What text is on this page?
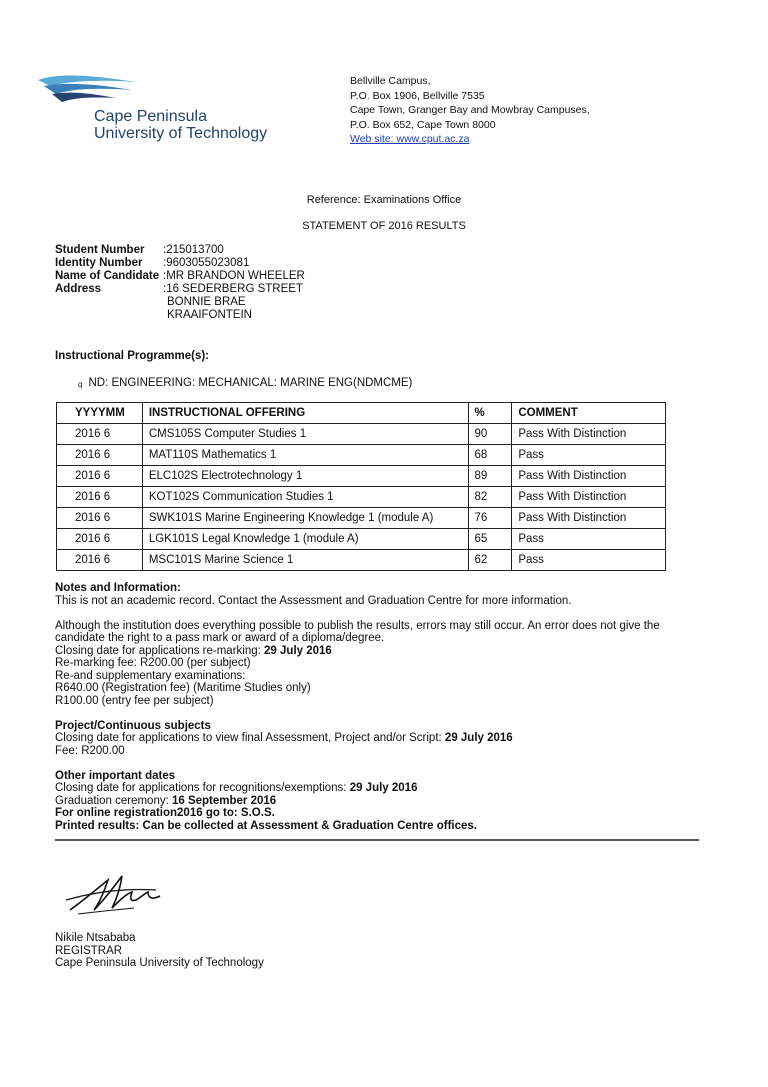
Cape Peninsula
University of Technology
Bellville Campus,
P.O. Box 1906, Bellville 7535
Cape Town, Granger Bay and Mowbray Campuses,
P.O. Box 652, Cape Town 8000
Web site: www.cput.ac.za
Reference: Examinations Office
STATEMENT OF 2016 RESULTS
Student Number	:215013700
Identity Number	:9603055023081
Name of Candidate :MR BRANDON WHEELER
Address	:16 SEDERBERG STREET
BONNIE BRAE
KRAAIFONTEIN
Instructional Programme(s):
q ND: ENGINEERING: MECHANICAL: MARINE ENG(NDMCME)
YYYYMM	INSTRUCTIONAL OFFERING	%	COMMENT
2016 6	CMS105S Computer Studies 1	90	Pass With Distinction
2016 6	MAT110S Mathematics 1	68	Pass
2016 6	ELC102S Electrotechnology 1	89	Pass With Distinction
2016 6	KOT102S Communication Studies 1	82	Pass With Distinction
2016 6	SWK101S Marine Engineering Knowledge 1 (module A)	76	Pass With Distinction
2016 6	LGK101S Legal Knowledge 1 (module A)	65	Pass
2016 6	MSC101S Marine Science 1	62	Pass
Notes and Information:
This is not an academic record. Contact the Assessment and Graduation Centre for more information.
Although the institution does everything possible to publish the results, errors may still occur. An error does not give the
candidate the right to a pass mark or award of a diploma/degree.
Closing date for applications re-marking: 29 July 2016
Re-marking fee: R200.00 (per subject)
Re-and supplementary examinations:
R640.00 (Registration fee) (Maritime Studies only)
R100.00 (entry fee per subject)
Project/Continuous subjects
Closing date for applications to view final Assessment, Project and/or Script: 29 July 2016
Fee: R200.00
Other important dates
Closing date for applications for recognitions/exemptions: 29 July 2016
Graduation ceremony: 16 September 2016
For online registration2016 go to: S.O.S.
Printed results: Can be collected at Assessment & Graduation Centre offices.
Nikile Ntsababa
REGISTRAR
Cape Peninsula University of Technology
